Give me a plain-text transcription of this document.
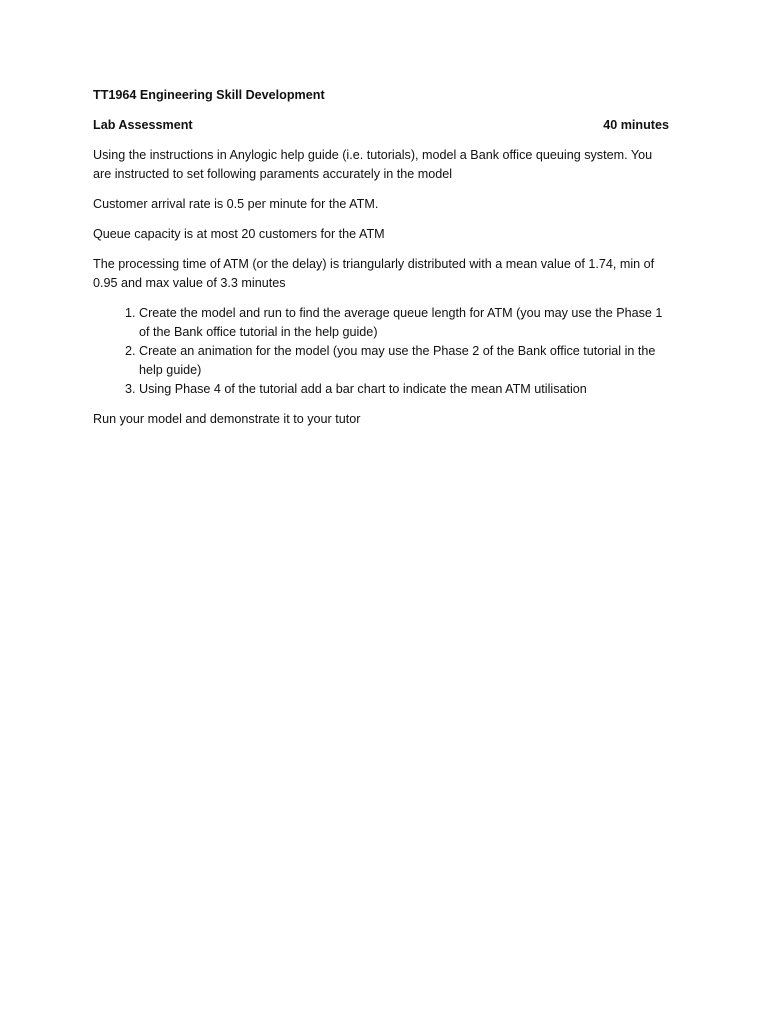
TT1964 Engineering Skill Development
Lab Assessment	40 minutes

Using the instructions in Anylogic help guide (i.e. tutorials), model a Bank office queuing system. You are instructed to set following paraments accurately in the model

Customer arrival rate is 0.5 per minute for the ATM.

Queue capacity is at most 20 customers for the ATM

The processing time of ATM (or the delay) is triangularly distributed with a mean value of 1.74, min of 0.95 and max value of 3.3 minutes

1. Create the model and run to find the average queue length for ATM (you may use the Phase 1 of the Bank office tutorial in the help guide)
2. Create an animation for the model (you may use the Phase 2 of the Bank office tutorial in the help guide)
3. Using Phase 4 of the tutorial add a bar chart to indicate the mean ATM utilisation

Run your model and demonstrate it to your tutor
